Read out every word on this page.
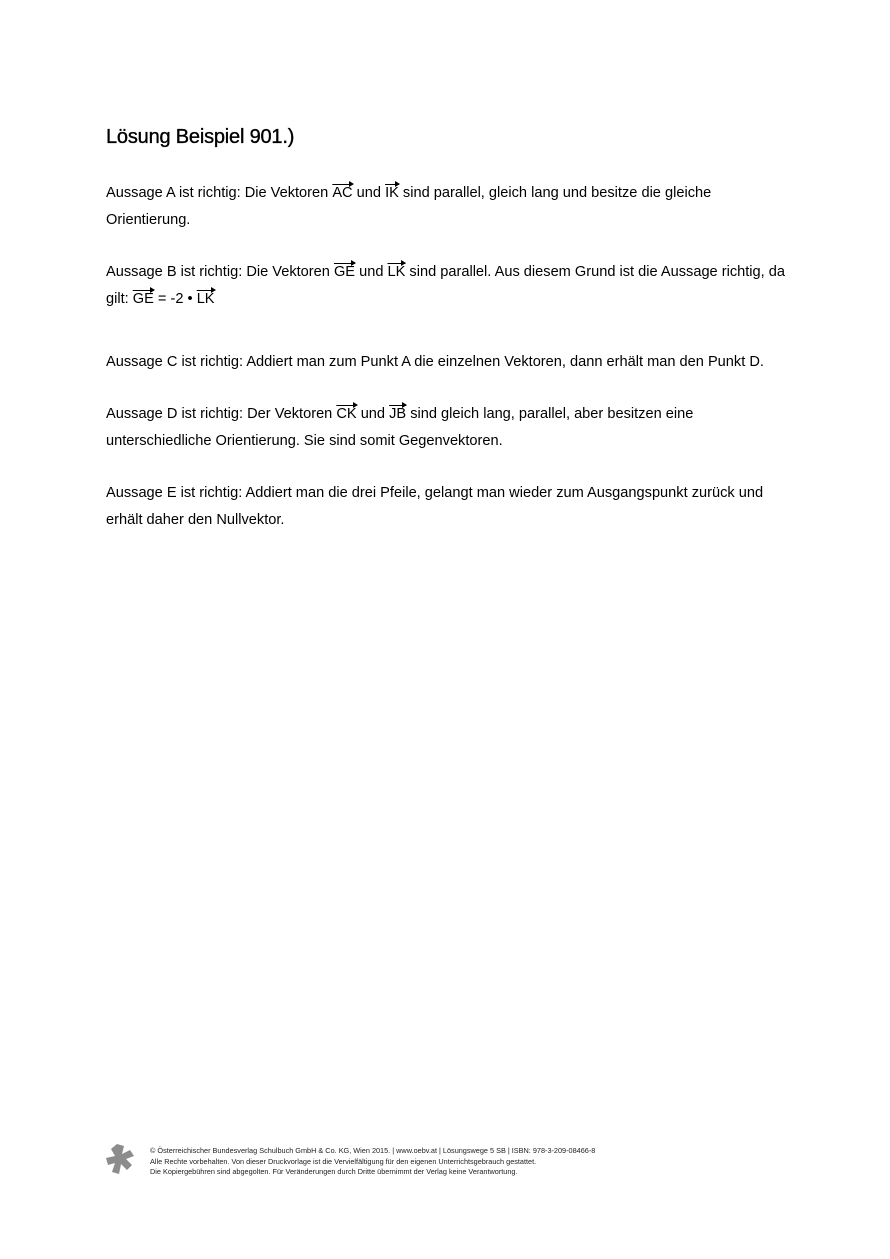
Lösung Beispiel 901.)

Aussage A ist richtig: Die Vektoren $\overline{AC}$ und $\overline{IK}$ sind parallel, gleich lang und besitze die gleiche Orientierung.

Aussage B ist richtig: Die Vektoren $\overline{GE}$ und $\overline{LK}$ sind parallel. Aus diesem Grund ist die Aussage richtig, da gilt: $\overline{GE} = -2$ • $\overline{LK}$

Aussage C ist richtig: Addiert man zum Punkt A die einzelnen Vektoren, dann erhält man den Punkt D.

Aussage D ist richtig: Der Vektoren $\overline{CK}$ und $\overline{JB}$ sind gleich lang, parallel, aber besitzen eine unterschiedliche Orientierung. Sie sind somit Gegenvektoren.

Aussage E ist richtig: Addiert man die drei Pfeile, gelangt man wieder zum Ausgangspunkt zurück und erhält daher den Nullvektor.

© Österreichischer Bundesverlag Schulbuch GmbH & Co. KG, Wien 2015. | www.oebv.at | Lösungswege 5 SB | ISBN: 978-3-209-08466-8
Alle Rechte vorbehalten. Von dieser Druckvorlage ist die Vervielfältigung für den eigenen Unterrichtsgebrauch gestattet.
Die Kopiergebühren sind abgegolten. Für Veränderungen durch Dritte übernimmt der Verlag keine Verantwortung.
